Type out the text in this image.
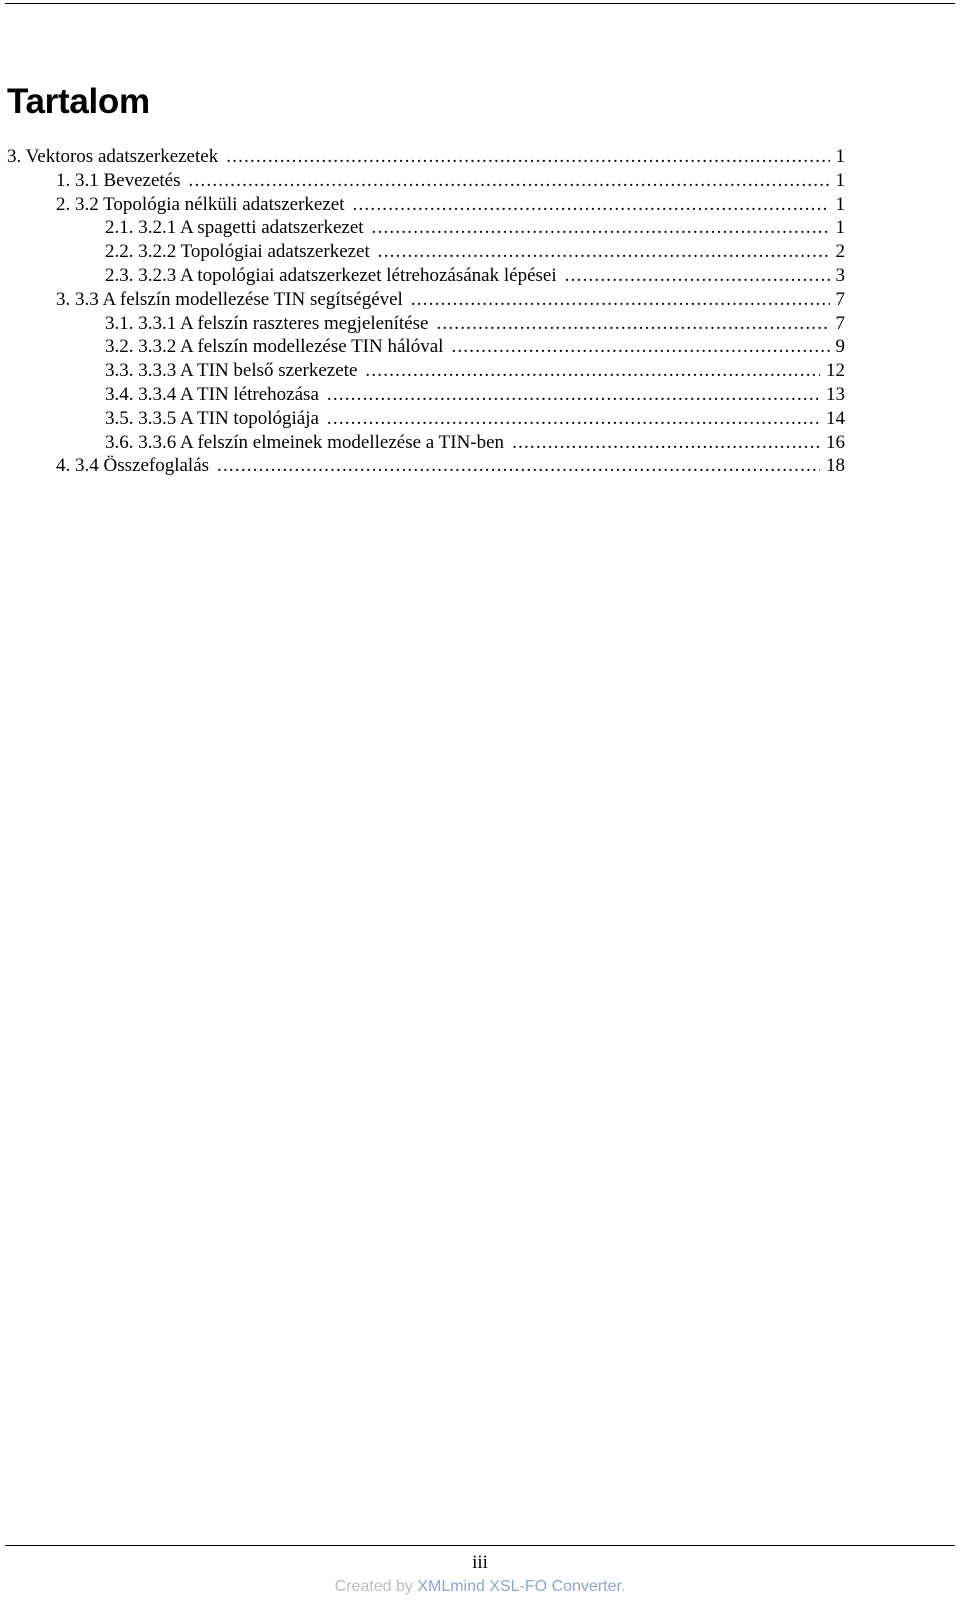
Tartalom
3. Vektoros adatszerkezetek .....	1
1. 3.1 Bevezetés .....	1
2. 3.2 Topológia nélküli adatszerkezet .....	1
2.1. 3.2.1 A spagetti adatszerkezet .....	1
2.2. 3.2.2 Topológiai adatszerkezet .....	2
2.3. 3.2.3 A topológiai adatszerkezet létrehozásának lépései .....	3
3. 3.3 A felszín modellezése TIN segítségével .....	7
3.1. 3.3.1 A felszín raszteres megjelenítése .....	7
3.2. 3.3.2 A felszín modellezése TIN hálóval .....	9
3.3. 3.3.3 A TIN belső szerkezete .....	12
3.4. 3.3.4 A TIN létrehozása .....	13
3.5. 3.3.5 A TIN topológiája .....	14
3.6. 3.3.6 A felszín elmeinek modellezése a TIN-ben .....	16
4. 3.4 Összefoglalás .....	18
iii
Created by XMLmind XSL-FO Converter.
